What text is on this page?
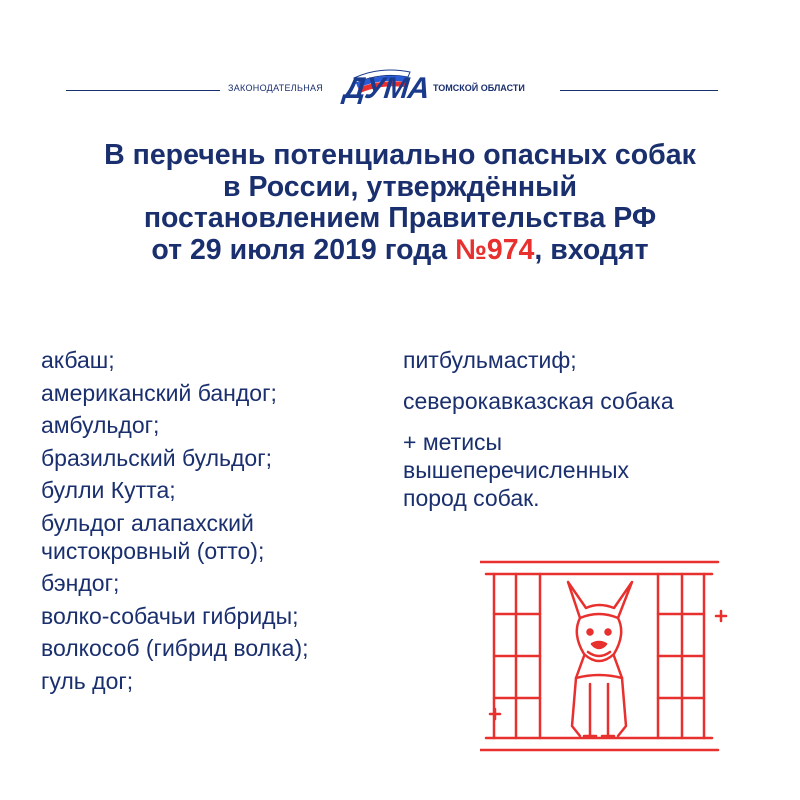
ЗАКОНОДАТЕЛЬНАЯ ДУМА ТОМСКОЙ ОБЛАСТИ
В перечень потенциально опасных собак
в России, утверждённый
постановлением Правительства РФ
от 29 июля 2019 года №974, входят

акбаш;

американский бандог;

амбульдог;

бразильский бульдог;

булли Кутта;

бульдог алапахский чистокровный (отто);

бэндог;

волко-собачьи гибриды;

волкособ (гибрид волка);

гуль дог;

питбульмастиф;

северокавказская собака

+ метисы вышеперечисленных пород собак.
